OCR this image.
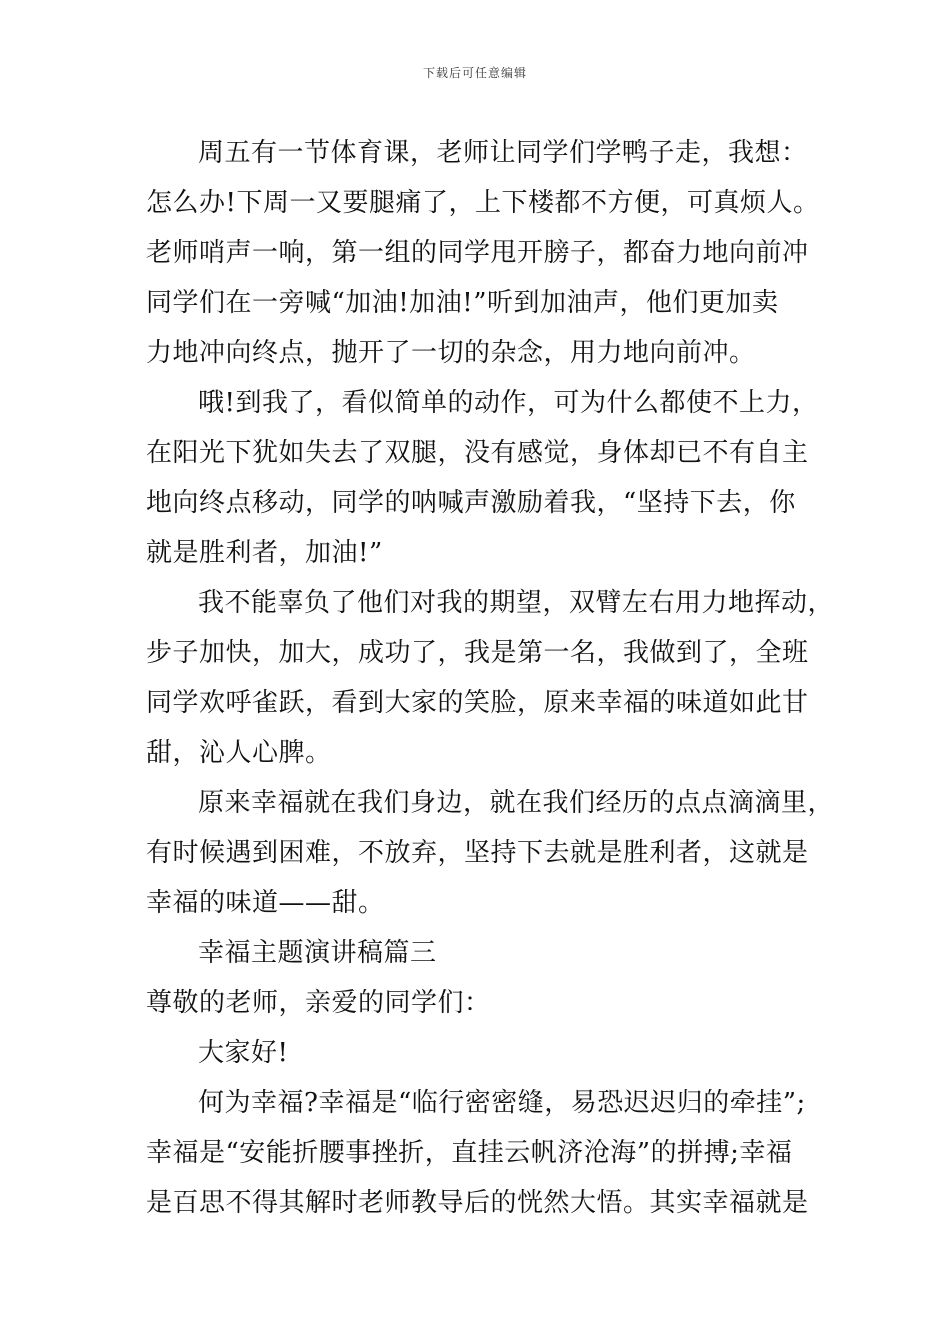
下载后可任意编辑
周五有一节体育课，老师让同学们学鸭子走，我想：
怎么办!下周一又要腿痛了，上下楼都不方便，可真烦人。
老师哨声一响，第一组的同学甩开膀子，都奋力地向前冲
同学们在一旁喊“加油!加油!”听到加油声，他们更加卖
力地冲向终点，抛开了一切的杂念，用力地向前冲。
哦!到我了，看似简单的动作，可为什么都使不上力，
在阳光下犹如失去了双腿，没有感觉，身体却已不有自主
地向终点移动，同学的呐喊声激励着我，“坚持下去，你
就是胜利者，加油!”
我不能辜负了他们对我的期望，双臂左右用力地挥动，
步子加快，加大，成功了，我是第一名，我做到了，全班
同学欢呼雀跃，看到大家的笑脸，原来幸福的味道如此甘
甜，沁人心脾。
原来幸福就在我们身边，就在我们经历的点点滴滴里，
有时候遇到困难，不放弃，坚持下去就是胜利者，这就是
幸福的味道——甜。
幸福主题演讲稿篇三
尊敬的老师，亲爱的同学们：
大家好!
何为幸福?幸福是“临行密密缝，易恐迟迟归的牵挂”;
幸福是“安能折腰事挫折，直挂云帆济沧海”的拼搏;幸福
是百思不得其解时老师教导后的恍然大悟。其实幸福就是
